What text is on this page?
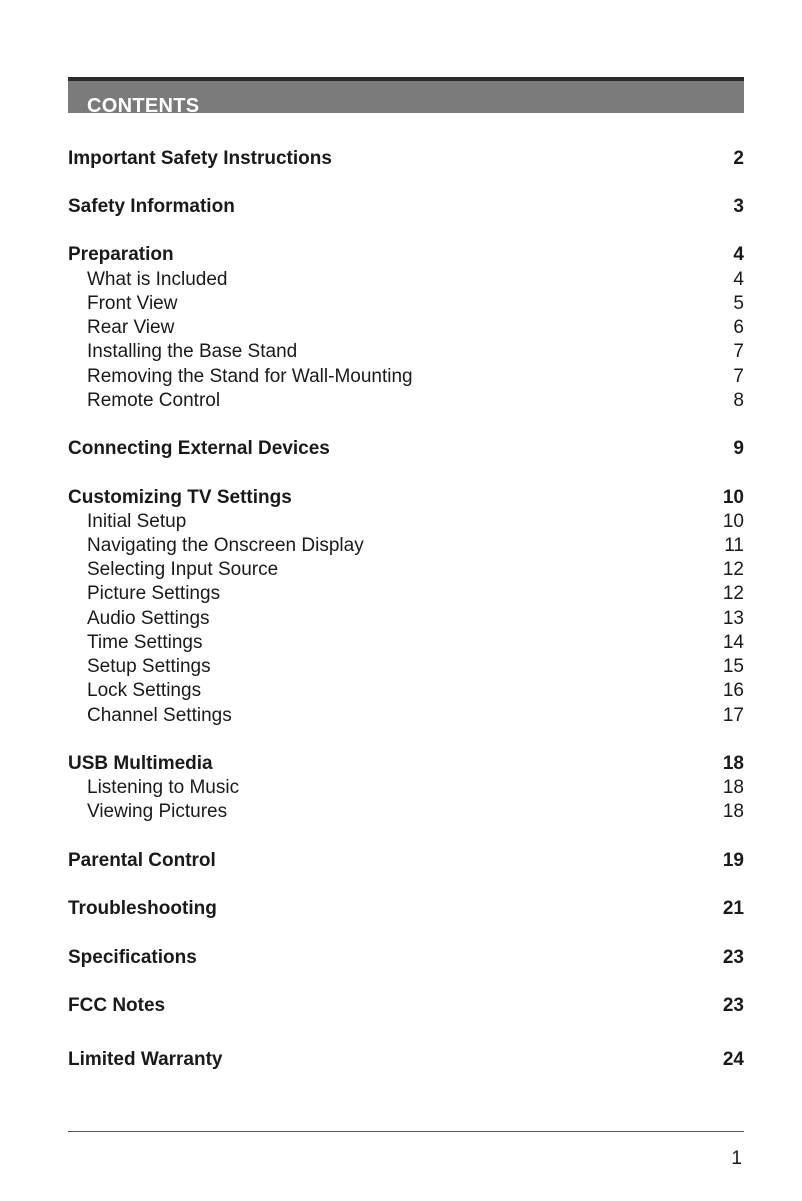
CONTENTS
Important Safety Instructions	2
Safety Information	3
Preparation	4
What is Included	4
Front View	5
Rear View	6
Installing the Base Stand	7
Removing the Stand for Wall-Mounting	7
Remote Control	8
Connecting External Devices	9
Customizing TV Settings	10
Initial Setup	10
Navigating the Onscreen Display	11
Selecting Input Source	12
Picture Settings	12
Audio Settings	13
Time Settings	14
Setup Settings	15
Lock Settings	16
Channel Settings	17
USB Multimedia	18
Listening to Music	18
Viewing Pictures	18
Parental Control	19
Troubleshooting	21
Specifications	23
FCC Notes	23
Limited Warranty	24
1
